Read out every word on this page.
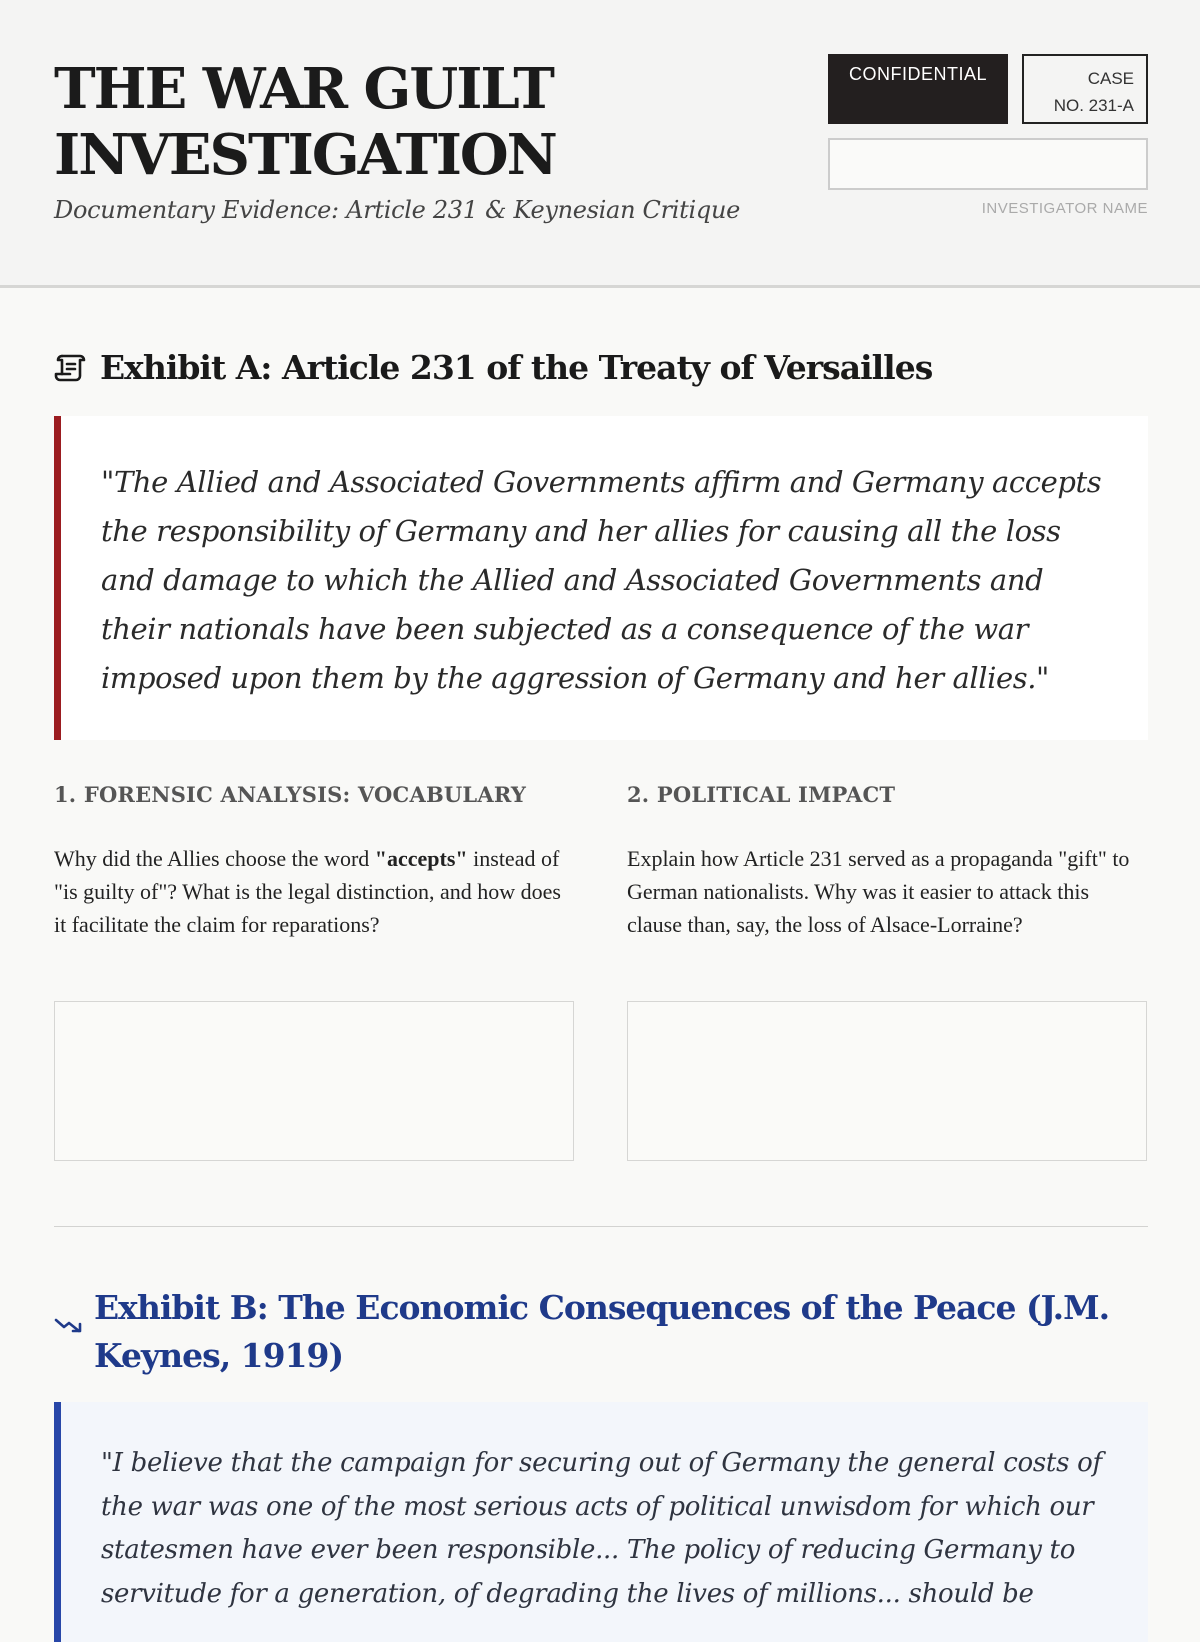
THE WAR GUILT INVESTIGATION
Documentary Evidence: Article 231 & Keynesian Critique
CONFIDENTIAL	CASE
NO. 231-A
INVESTIGATOR NAME
Exhibit A: Article 231 of the Treaty of Versailles
"The Allied and Associated Governments affirm and Germany accepts the responsibility of Germany and her allies for causing all the loss and damage to which the Allied and Associated Governments and their nationals have been subjected as a consequence of the war imposed upon them by the aggression of Germany and her allies."
1. FORENSIC ANALYSIS: VOCABULARY
Why did the Allies choose the word "accepts" instead of "is guilty of"? What is the legal distinction, and how does it facilitate the claim for reparations?
2. POLITICAL IMPACT
Explain how Article 231 served as a propaganda "gift" to German nationalists. Why was it easier to attack this clause than, say, the loss of Alsace-Lorraine?
Exhibit B: The Economic Consequences of the Peace (J.M. Keynes, 1919)
"I believe that the campaign for securing out of Germany the general costs of the war was one of the most serious acts of political unwisdom for which our statesmen have ever been responsible... The policy of reducing Germany to servitude for a generation, of degrading the lives of millions... should be
